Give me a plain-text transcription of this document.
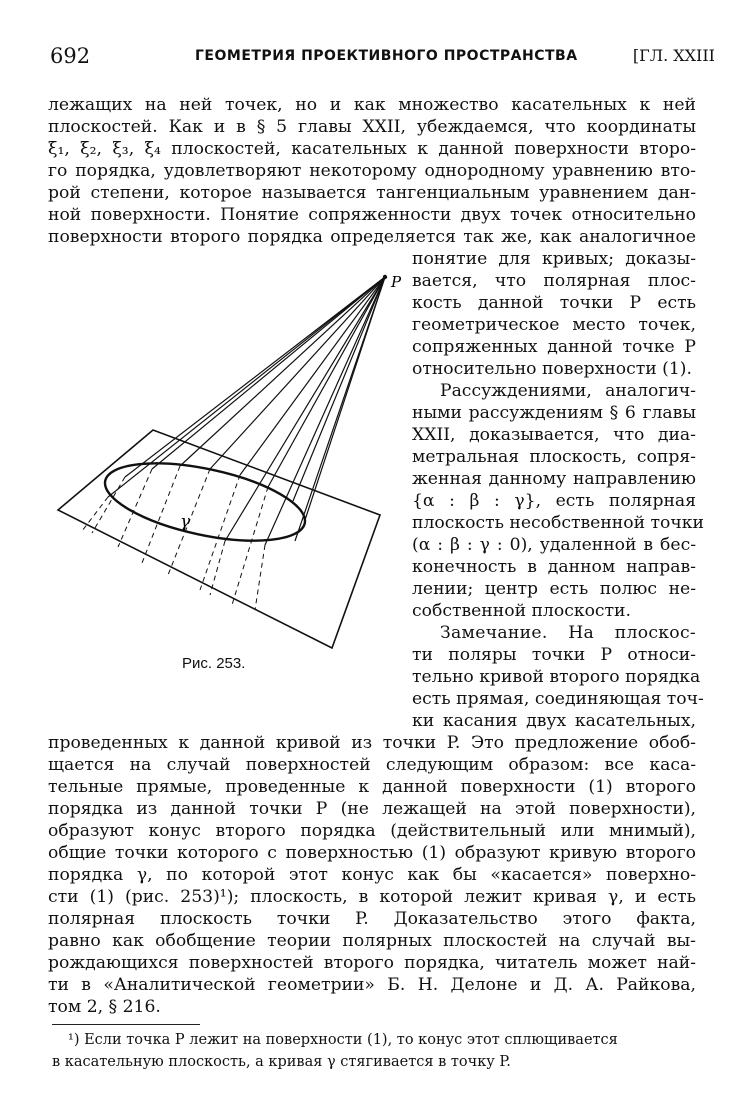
692	ГЕОМЕТРИЯ ПРОЕКТИВНОГО ПРОСТРАНСТВА	[ГЛ. XXIII
лежащих на ней точек, но и как множество касательных к ней
плоскостей. Как и в § 5 главы XXII, убеждаемся, что координаты
ξ₁, ξ₂, ξ₃, ξ₄ плоскостей, касательных к данной поверхности второ-
го порядка, удовлетворяют некоторому однородному уравнению вто-
рой степени, которое называется тангенциальным уравнением дан-
ной поверхности. Понятие сопряженности двух точек относительно
поверхности второго порядка определяется так же, как аналогичное
понятие для кривых; доказы-
вается, что полярная плос-
кость данной точки P есть
геометрическое место точек,
сопряженных данной точке P
относительно поверхности (1).
Рассуждениями, аналогич-
ными рассуждениям § 6 главы
XXII, доказывается, что диа-
метральная плоскость, сопря-
женная данному направлению
{α : β : γ}, есть полярная
плоскость несобственной точки
(α : β : γ : 0), удаленной в бес-
конечность в данном направ-
лении; центр есть полюс не-
собственной плоскости.
Замечание. На плоскос-
ти поляры точки P относи-
тельно кривой второго порядка
есть прямая, соединяющая точ-
ки касания двух касательных,
P
γ
Рис. 253.
проведенных к данной кривой из точки P. Это предложение обоб-
щается на случай поверхностей следующим образом: все каса-
тельные прямые, проведенные к данной поверхности (1) второго
порядка из данной точки P (не лежащей на этой поверхности),
образуют конус второго порядка (действительный или мнимый),
общие точки которого с поверхностью (1) образуют кривую второго
порядка γ, по которой этот конус как бы «касается» поверхно-
сти (1) (рис. 253)¹); плоскость, в которой лежит кривая γ, и есть
полярная плоскость точки P. Доказательство этого факта,
равно как обобщение теории полярных плоскостей на случай вы-
рождающихся поверхностей второго порядка, читатель может най-
ти в «Аналитической геометрии» Б. Н. Делоне и Д. А. Райкова,
том 2, § 216.
¹) Если точка P лежит на поверхности (1), то конус этот сплющивается
в касательную плоскость, а кривая γ стягивается в точку P.
